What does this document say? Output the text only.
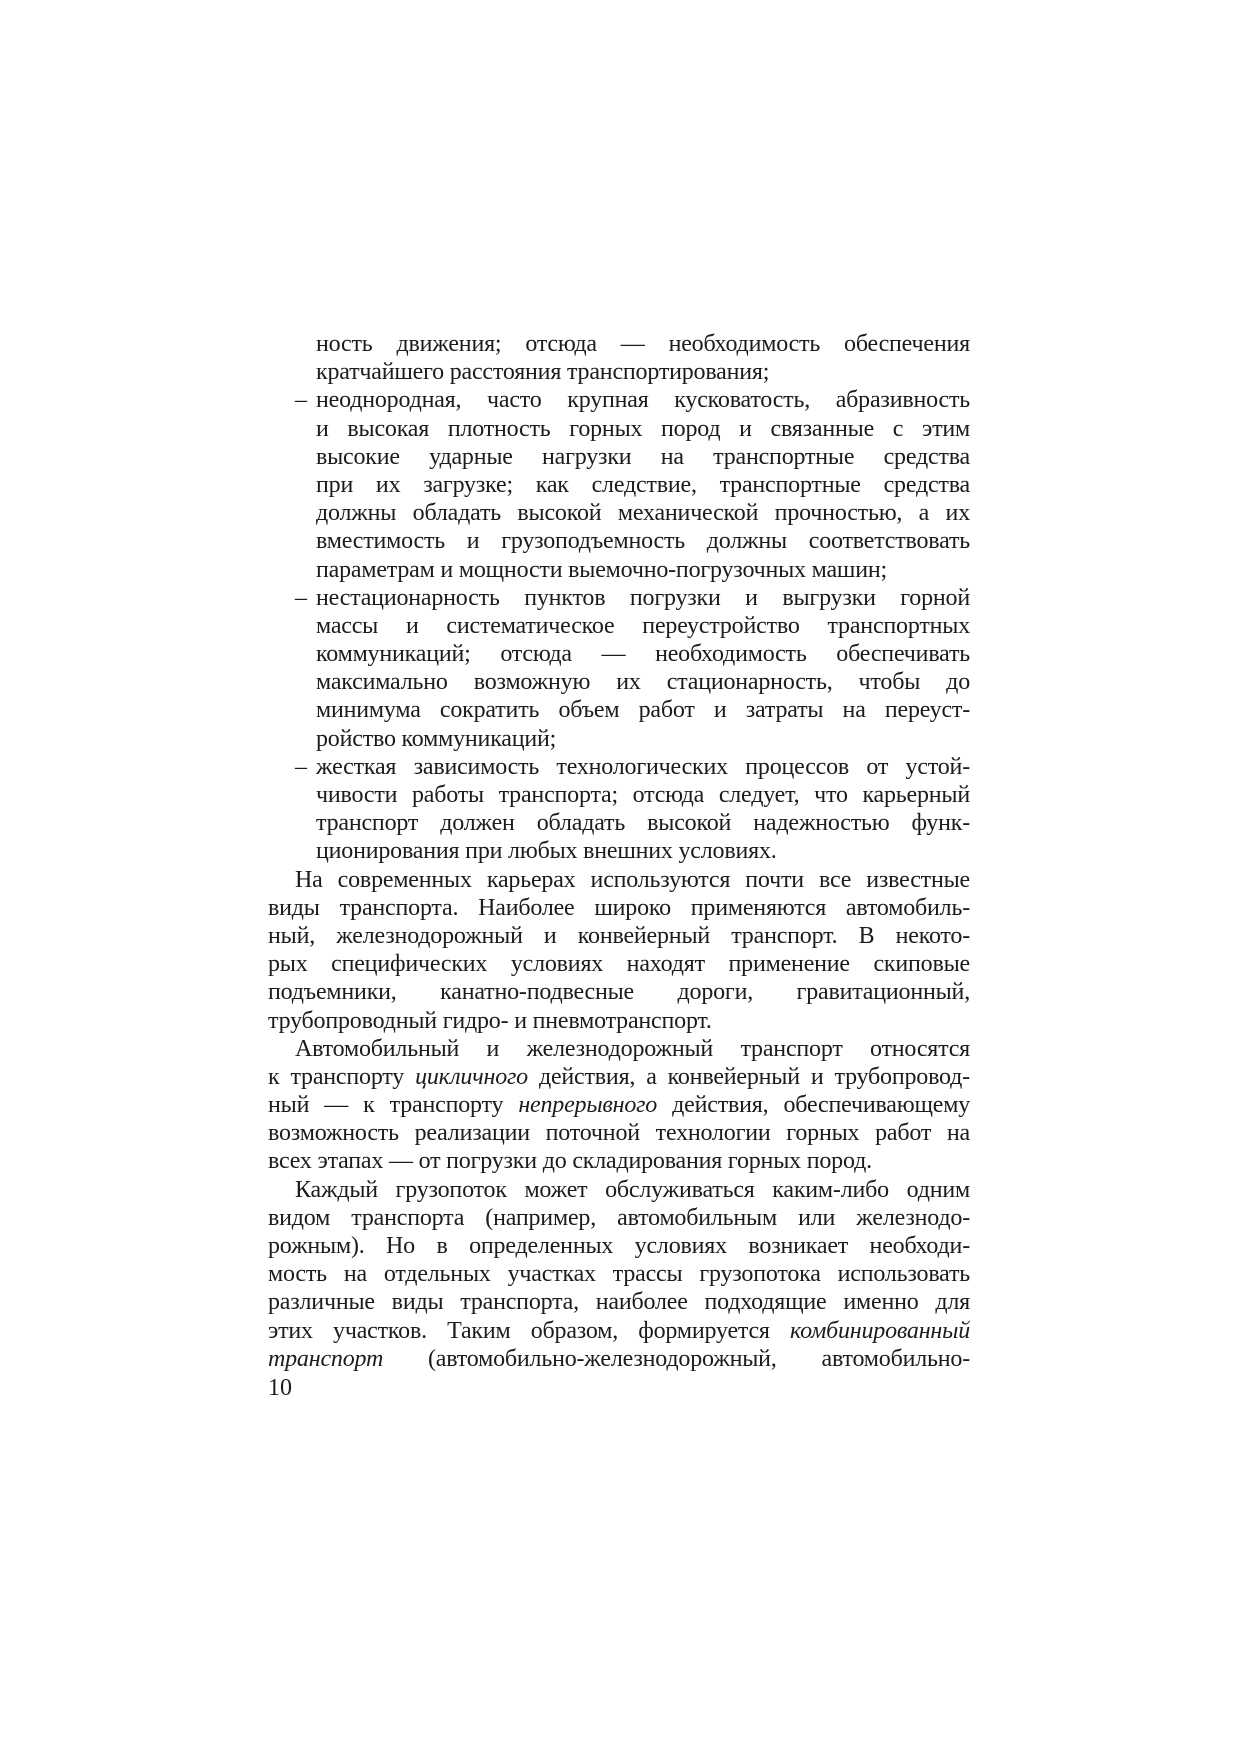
ность движения; отсюда — необходимость обеспечения
кратчайшего расстояния транспортирования;
– неоднородная, часто крупная кусковатость, абразивность
и высокая плотность горных пород и связанные с этим
высокие ударные нагрузки на транспортные средства
при их загрузке; как следствие, транспортные средства
должны обладать высокой механической прочностью, а их
вместимость и грузоподъемность должны соответствовать
параметрам и мощности выемочно-погрузочных машин;
– нестационарность пунктов погрузки и выгрузки горной
массы и систематическое переустройство транспортных
коммуникаций; отсюда — необходимость обеспечивать
максимально возможную их стационарность, чтобы до
минимума сократить объем работ и затраты на переуст-
ройство коммуникаций;
– жесткая зависимость технологических процессов от устой-
чивости работы транспорта; отсюда следует, что карьерный
транспорт должен обладать высокой надежностью функ-
ционирования при любых внешних условиях.
На современных карьерах используются почти все известные
виды транспорта. Наиболее широко применяются автомобиль-
ный, железнодорожный и конвейерный транспорт. В некото-
рых специфических условиях находят применение скиповые
подъемники, канатно-подвесные дороги, гравитационный,
трубопроводный гидро- и пневмотранспорт.
Автомобильный и железнодорожный транспорт относятся
к транспорту цикличного действия, а конвейерный и трубопровод-
ный — к транспорту непрерывного действия, обеспечивающему
возможность реализации поточной технологии горных работ на
всех этапах — от погрузки до складирования горных пород.
Каждый грузопоток может обслуживаться каким-либо одним
видом транспорта (например, автомобильным или железнодо-
рожным). Но в определенных условиях возникает необходи-
мость на отдельных участках трассы грузопотока использовать
различные виды транспорта, наиболее подходящие именно для
этих участков. Таким образом, формируется комбинированный
транспорт (автомобильно-железнодорожный, автомобильно-
10
